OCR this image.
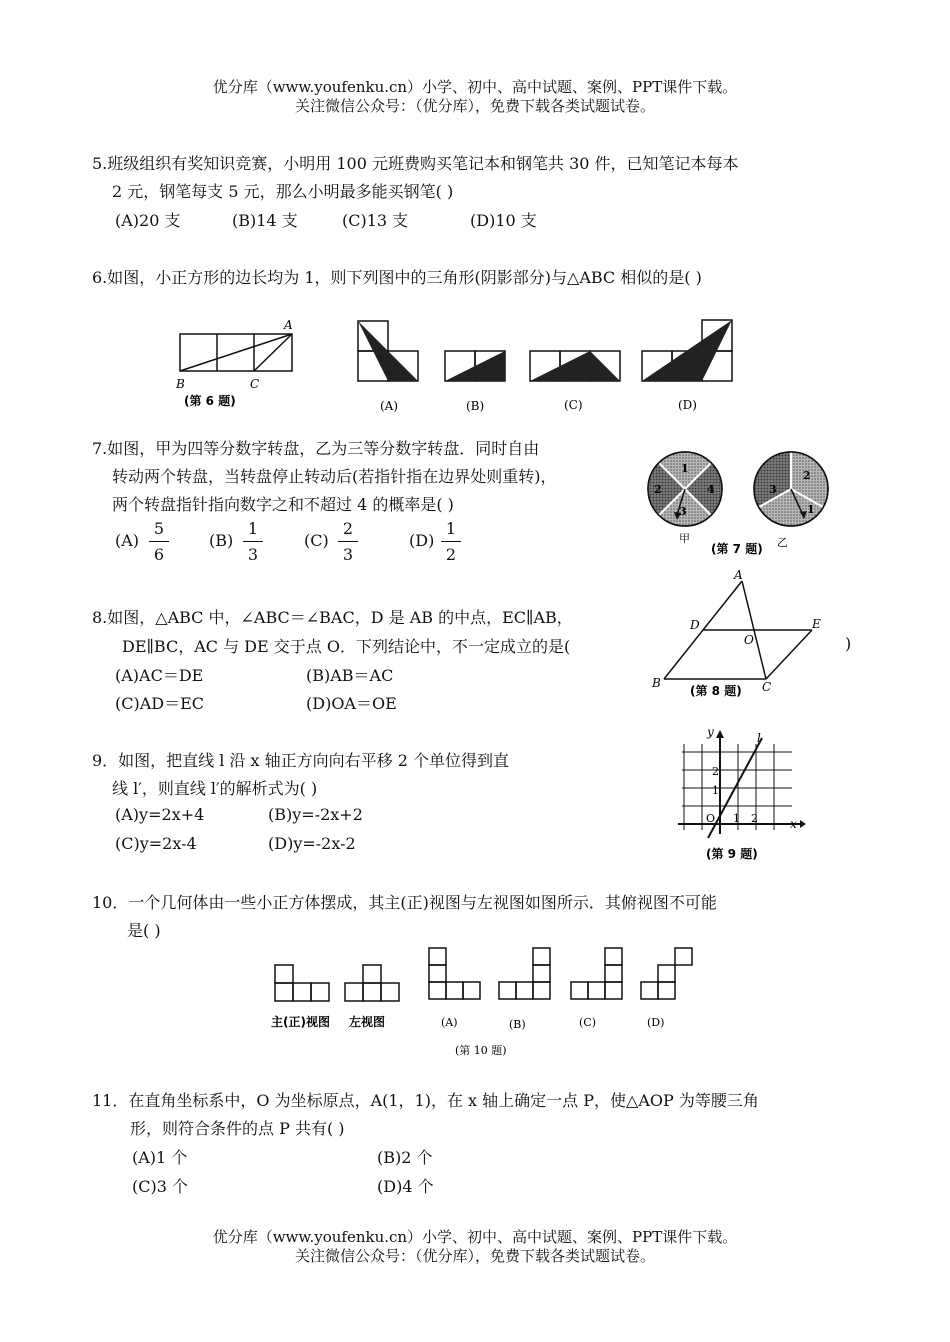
优分库（www.youfenku.cn）小学、初中、高中试题、案例、PPT课件下载。
关注微信公众号：（优分库），免费下载各类试题试卷。
5.班级组织有奖知识竞赛，小明用 100 元班费购买笔记本和钢笔共 30 件，已知笔记本每本
2 元，钢笔每支 5 元，那么小明最多能买钢笔( )
(A)20 支	(B)14 支	(C)13 支	(D)10 支
6.如图，小正方形的边长均为 1，则下列图中的三角形(阴影部分)与△ABC 相似的是( )
A
B	C
(第 6 题)	(A)	(B)	(C)	(D)
7.如图，甲为四等分数字转盘，乙为三等分数字转盘．同时自由
转动两个转盘，当转盘停止转动后(若指针指在边界处则重转)，
两个转盘指针指向数字之和不超过 4 的概率是( )
(A)
5
6
(B)
1
3
(C)
2
3
(D)
1
2
1
2
3
4
甲
2
3
1
乙
(第 7 题)
8.如图，△ABC 中，∠ABC＝∠BAC，D 是 AB 的中点，EC∥AB，
DE∥BC，AC 与 DE 交于点 O．下列结论中，不一定成立的是(	)
(A)AC＝DE	(B)AB＝AC
(C)AD＝EC	(D)OA＝OE
A
B	C
D	E
O
(第 8 题)
9．如图，把直线 l 沿 x 轴正方向向右平移 2 个单位得到直
线 l′，则直线 l′的解析式为( )
(A)y=2x+4	(B)y=-2x+2
(C)y=2x-4	(D)y=-2x-2
y
x
l
2
1
O 1 2
(第 9 题)
10．一个几何体由一些小正方体摆成，其主(正)视图与左视图如图所示．其俯视图不可能
是( )
主(正)视图 左视图	(A)	(B)	(C)	(D)
(第 10 题)
11．在直角坐标系中，O 为坐标原点，A(1，1)，在 x 轴上确定一点 P，使△AOP 为等腰三角
形，则符合条件的点 P 共有( )
(A)1 个	(B)2 个
(C)3 个	(D)4 个
优分库（www.youfenku.cn）小学、初中、高中试题、案例、PPT课件下载。
关注微信公众号：（优分库），免费下载各类试题试卷。
